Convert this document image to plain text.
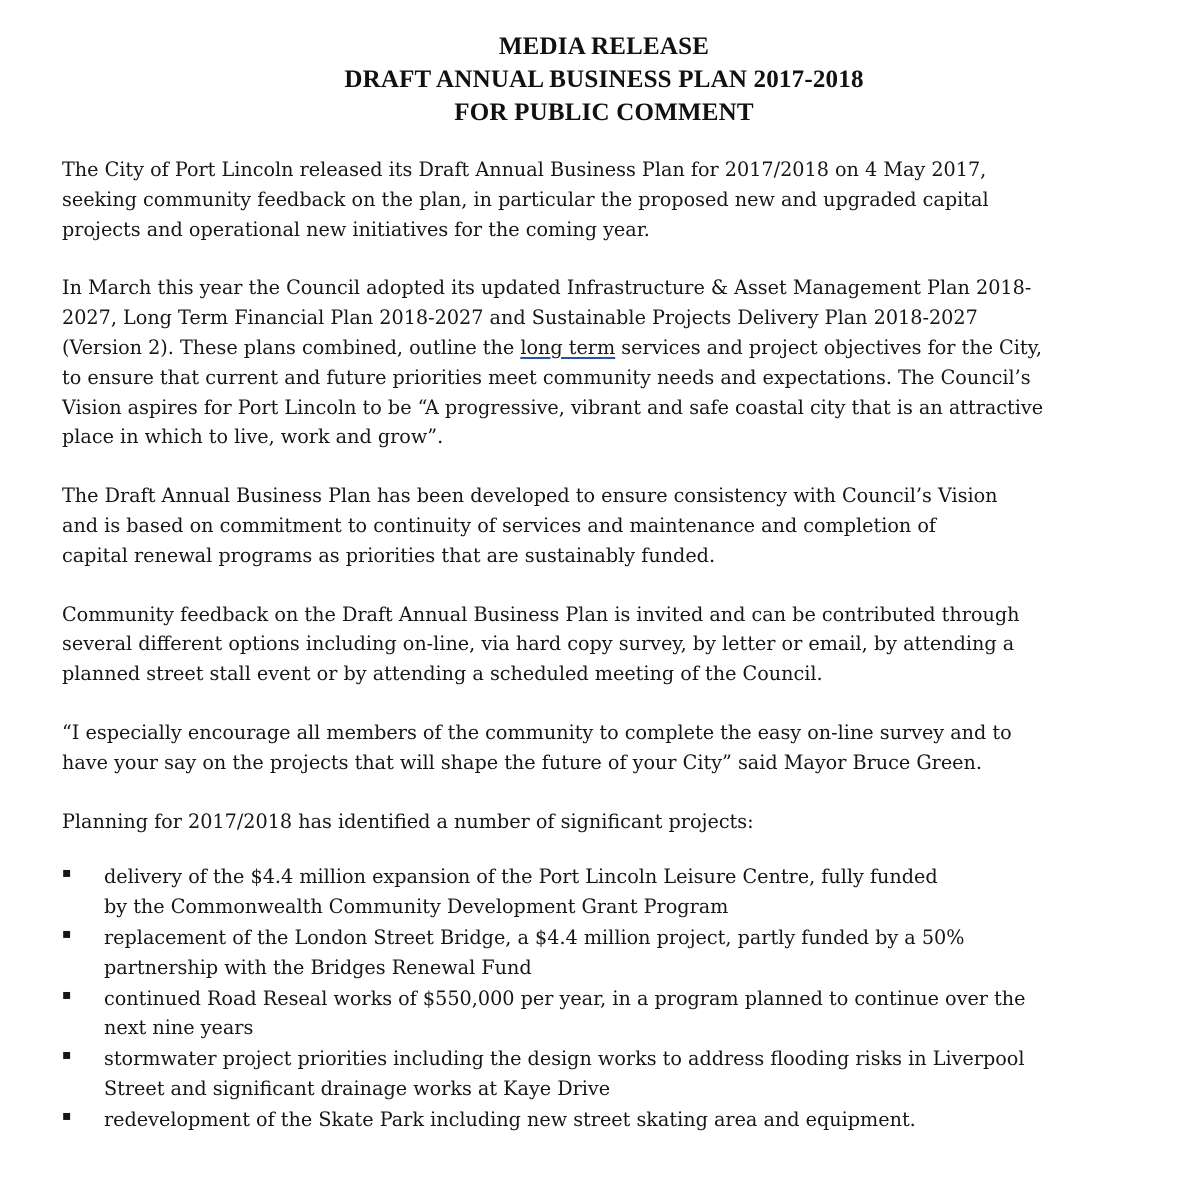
MEDIA RELEASE
DRAFT ANNUAL BUSINESS PLAN 2017-2018
FOR PUBLIC COMMENT
The City of Port Lincoln released its Draft Annual Business Plan for 2017/2018 on 4 May 2017,
seeking community feedback on the plan, in particular the proposed new and upgraded capital
projects and operational new initiatives for the coming year.
In March this year the Council adopted its updated Infrastructure & Asset Management Plan 2018-
2027, Long Term Financial Plan 2018-2027 and Sustainable Projects Delivery Plan 2018-2027
(Version 2). These plans combined, outline the long term services and project objectives for the City,
to ensure that current and future priorities meet community needs and expectations. The Council’s
Vision aspires for Port Lincoln to be “A progressive, vibrant and safe coastal city that is an attractive
place in which to live, work and grow”.
The Draft Annual Business Plan has been developed to ensure consistency with Council’s Vision
and is based on commitment to continuity of services and maintenance and completion of
capital renewal programs as priorities that are sustainably funded.
Community feedback on the Draft Annual Business Plan is invited and can be contributed through
several different options including on-line, via hard copy survey, by letter or email, by attending a
planned street stall event or by attending a scheduled meeting of the Council.
“I especially encourage all members of the community to complete the easy on-line survey and to
have your say on the projects that will shape the future of your City” said Mayor Bruce Green.
Planning for 2017/2018 has identified a number of significant projects:
▪ delivery of the $4.4 million expansion of the Port Lincoln Leisure Centre, fully funded
by the Commonwealth Community Development Grant Program
▪ replacement of the London Street Bridge, a $4.4 million project, partly funded by a 50%
partnership with the Bridges Renewal Fund
▪ continued Road Reseal works of $550,000 per year, in a program planned to continue over the
next nine years
▪ stormwater project priorities including the design works to address flooding risks in Liverpool
Street and significant drainage works at Kaye Drive
▪ redevelopment of the Skate Park including new street skating area and equipment.
